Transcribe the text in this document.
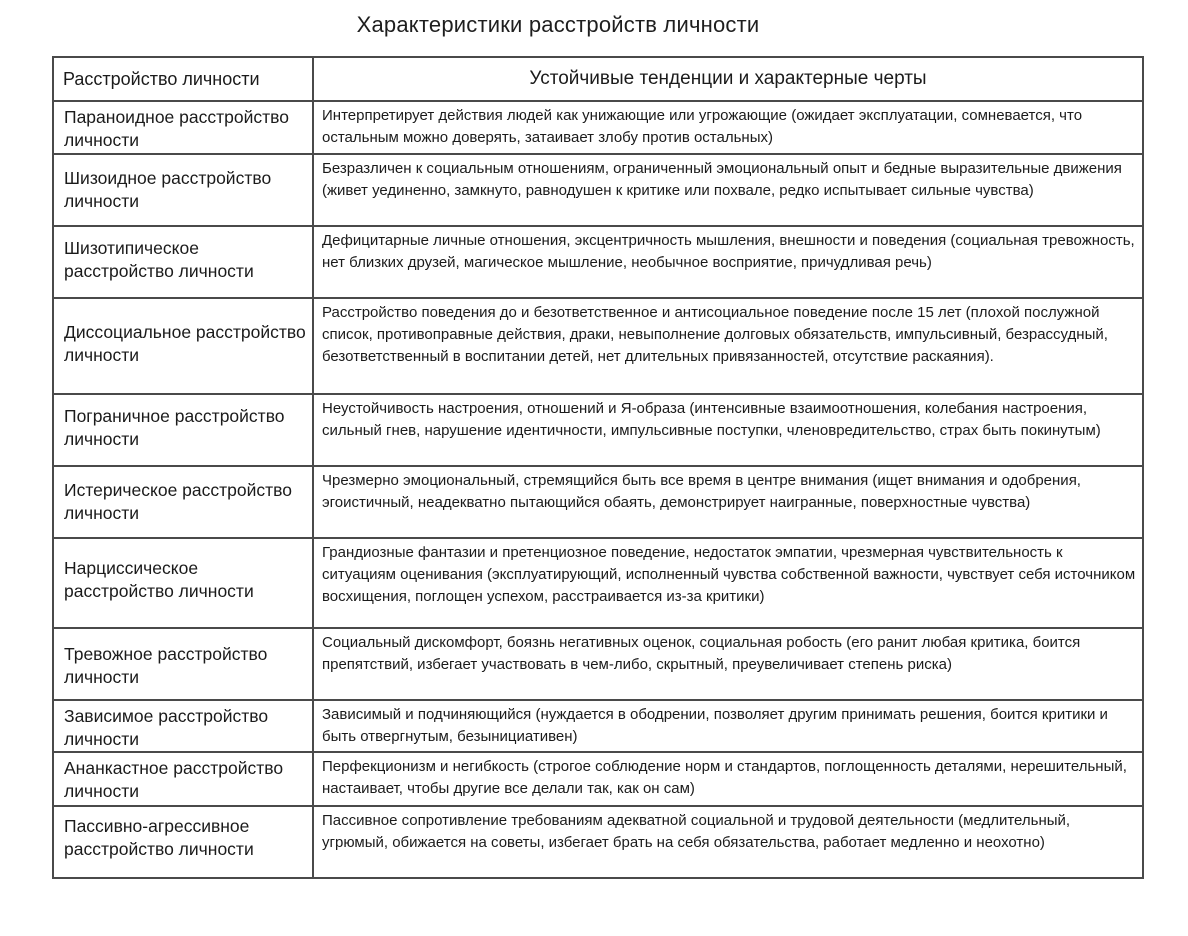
Характеристики расстройств личности
Расстройство личности	Устойчивые тенденции и характерные черты
Параноидное расстройство личности	Интерпретирует действия людей как унижающие или угрожающие (ожидает эксплуатации, сомневается, что остальным можно доверять, затаивает злобу против остальных)
Шизоидное расстройство личности	Безразличен к социальным отношениям, ограниченный эмоциональный опыт и бедные выразительные движения (живет уединенно, замкнуто, равнодушен к критике или похвале, редко испытывает сильные чувства)
Шизотипическое расстройство личности	Дефицитарные личные отношения, эксцентричность мышления, внешности и поведения (социальная тревожность, нет близких друзей, магическое мышление, необычное восприятие, причудливая речь)
Диссоциальное расстройство личности	Расстройство поведения до и безответственное и антисоциальное поведение после 15 лет (плохой послужной список, противоправные действия, драки, невыполнение долговых обязательств, импульсивный, безрассудный, безответственный в воспитании детей, нет длительных привязанностей, отсутствие раскаяния).
Пограничное расстройство личности	Неустойчивость настроения, отношений и Я-образа (интенсивные взаимоотношения, колебания настроения, сильный гнев, нарушение идентичности, импульсивные поступки, членовредительство, страх быть покинутым)
Истерическое расстройство личности	Чрезмерно эмоциональный, стремящийся быть все время в центре внимания (ищет внимания и одобрения, эгоистичный, неадекватно пытающийся обаять, демонстрирует наигранные, поверхностные чувства)
Нарциссическое расстройство личности	Грандиозные фантазии и претенциозное поведение, недостаток эмпатии, чрезмерная чувствительность к ситуациям оценивания (эксплуатирующий, исполненный чувства собственной важности, чувствует себя источником восхищения, поглощен успехом, расстраивается из-за критики)
Тревожное расстройство личности	Социальный дискомфорт, боязнь негативных оценок, социальная робость (его ранит любая критика, боится препятствий, избегает участвовать в чем-либо, скрытный, преувеличивает степень риска)
Зависимое расстройство личности	Зависимый и подчиняющийся (нуждается в ободрении, позволяет другим принимать решения, боится критики и быть отвергнутым, безынициативен)
Ананкастное расстройство личности	Перфекционизм и негибкость (строгое соблюдение норм и стандартов, поглощенность деталями, нерешительный, настаивает, чтобы другие все делали так, как он сам)
Пассивно-агрессивное расстройство личности	Пассивное сопротивление требованиям адекватной социальной и трудовой деятельности (медлительный, угрюмый, обижается на советы, избегает брать на себя обязательства, работает медленно и неохотно)
